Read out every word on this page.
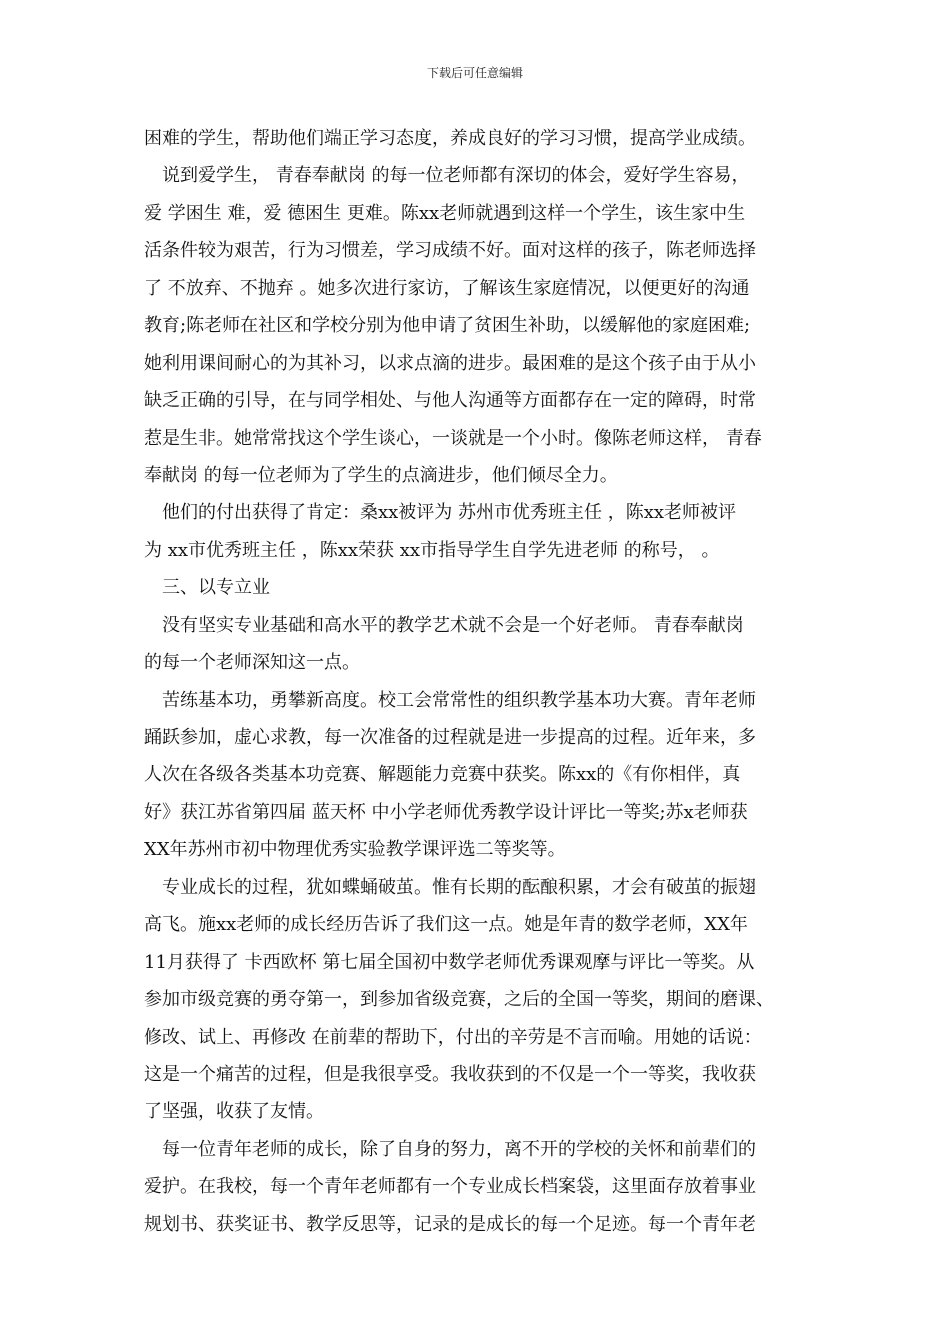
下载后可任意编辑
困难的学生，帮助他们端正学习态度，养成良好的学习习惯，提高学业成绩。
说到爱学生， 青春奉献岗 的每一位老师都有深切的体会，爱好学生容易，
爱 学困生 难，爱 德困生 更难。陈xx老师就遇到这样一个学生，该生家中生
活条件较为艰苦，行为习惯差，学习成绩不好。面对这样的孩子，陈老师选择
了 不放弃、不抛弃 。她多次进行家访，了解该生家庭情况，以便更好的沟通
教育;陈老师在社区和学校分别为他申请了贫困生补助，以缓解他的家庭困难;
她利用课间耐心的为其补习，以求点滴的进步。最困难的是这个孩子由于从小
缺乏正确的引导，在与同学相处、与他人沟通等方面都存在一定的障碍，时常
惹是生非。她常常找这个学生谈心，一谈就是一个小时。像陈老师这样， 青春
奉献岗 的每一位老师为了学生的点滴进步，他们倾尽全力。
他们的付出获得了肯定：桑xx被评为 苏州市优秀班主任 ，陈xx老师被评
为 xx市优秀班主任 ，陈xx荣获 xx市指导学生自学先进老师 的称号， 。
三、以专立业
没有坚实专业基础和高水平的教学艺术就不会是一个好老师。 青春奉献岗
的每一个老师深知这一点。
苦练基本功，勇攀新高度。校工会常常性的组织教学基本功大赛。青年老师
踊跃参加，虚心求教，每一次准备的过程就是进一步提高的过程。近年来，多
人次在各级各类基本功竞赛、解题能力竞赛中获奖。陈xx的《有你相伴，真
好》获江苏省第四届 蓝天杯 中小学老师优秀教学设计评比一等奖;苏x老师获
XX年苏州市初中物理优秀实验教学课评选二等奖等。
专业成长的过程，犹如蝶蛹破茧。惟有长期的酝酿积累，才会有破茧的振翅
高飞。施xx老师的成长经历告诉了我们这一点。她是年青的数学老师，XX年
11月获得了 卡西欧杯 第七届全国初中数学老师优秀课观摩与评比一等奖。从
参加市级竞赛的勇夺第一，到参加省级竞赛，之后的全国一等奖，期间的磨课、
修改、试上、再修改 在前辈的帮助下，付出的辛劳是不言而喻。用她的话说：
这是一个痛苦的过程，但是我很享受。我收获到的不仅是一个一等奖，我收获
了坚强，收获了友情。
每一位青年老师的成长，除了自身的努力，离不开的学校的关怀和前辈们的
爱护。在我校，每一个青年老师都有一个专业成长档案袋，这里面存放着事业
规划书、获奖证书、教学反思等，记录的是成长的每一个足迹。每一个青年老
